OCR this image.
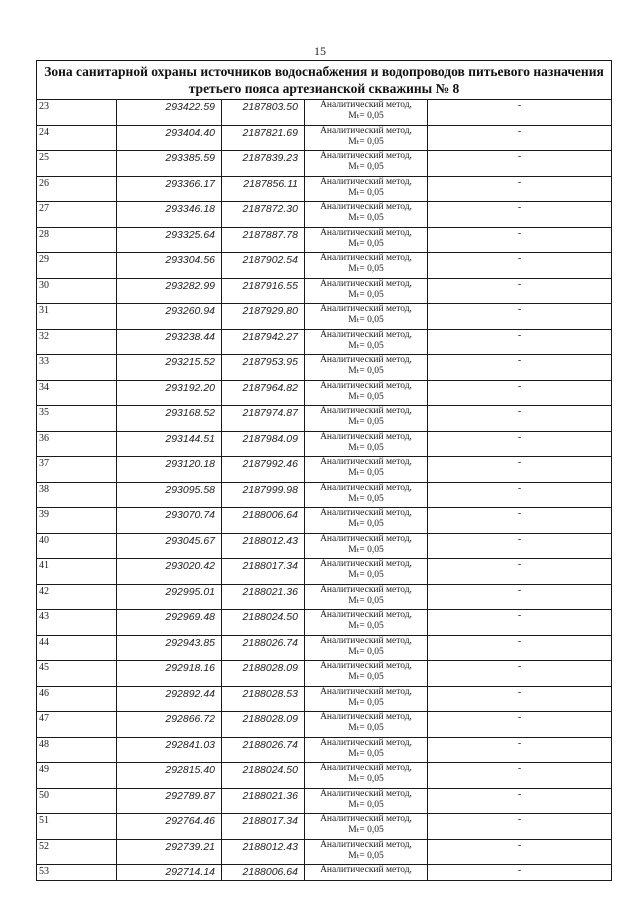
15
Зона санитарной охраны источников водоснабжения и водопроводов питьевого назначения третьего пояса артезианской скважины № 8				
23	293422.59	2187803.50	Аналитический метод,
Mₜ= 0,05	-
24	293404.40	2187821.69	Аналитический метод,
Mₜ= 0,05	-
25	293385.59	2187839.23	Аналитический метод,
Mₜ= 0,05	-
26	293366.17	2187856.11	Аналитический метод,
Mₜ= 0,05	-
27	293346.18	2187872.30	Аналитический метод,
Mₜ= 0,05	-
28	293325.64	2187887.78	Аналитический метод,
Mₜ= 0,05	-
29	293304.56	2187902.54	Аналитический метод,
Mₜ= 0,05	-
30	293282.99	2187916.55	Аналитический метод,
Mₜ= 0,05	-
31	293260.94	2187929.80	Аналитический метод,
Mₜ= 0,05	-
32	293238.44	2187942.27	Аналитический метод,
Mₜ= 0,05	-
33	293215.52	2187953.95	Аналитический метод,
Mₜ= 0,05	-
34	293192.20	2187964.82	Аналитический метод,
Mₜ= 0,05	-
35	293168.52	2187974.87	Аналитический метод,
Mₜ= 0,05	-
36	293144.51	2187984.09	Аналитический метод,
Mₜ= 0,05	-
37	293120.18	2187992.46	Аналитический метод,
Mₜ= 0,05	-
38	293095.58	2187999.98	Аналитический метод,
Mₜ= 0,05	-
39	293070.74	2188006.64	Аналитический метод,
Mₜ= 0,05	-
40	293045.67	2188012.43	Аналитический метод,
Mₜ= 0,05	-
41	293020.42	2188017.34	Аналитический метод,
Mₜ= 0,05	-
42	292995.01	2188021.36	Аналитический метод,
Mₜ= 0,05	-
43	292969.48	2188024.50	Аналитический метод,
Mₜ= 0,05	-
44	292943.85	2188026.74	Аналитический метод,
Mₜ= 0,05	-
45	292918.16	2188028.09	Аналитический метод,
Mₜ= 0,05	-
46	292892.44	2188028.53	Аналитический метод,
Mₜ= 0,05	-
47	292866.72	2188028.09	Аналитический метод,
Mₜ= 0,05	-
48	292841.03	2188026.74	Аналитический метод,
Mₜ= 0,05	-
49	292815.40	2188024.50	Аналитический метод,
Mₜ= 0,05	-
50	292789.87	2188021.36	Аналитический метод,
Mₜ= 0,05	-
51	292764.46	2188017.34	Аналитический метод,
Mₜ= 0,05	-
52	292739.21	2188012.43	Аналитический метод,
Mₜ= 0,05	-
53	292714.14	2188006.64	Аналитический метод,	-
